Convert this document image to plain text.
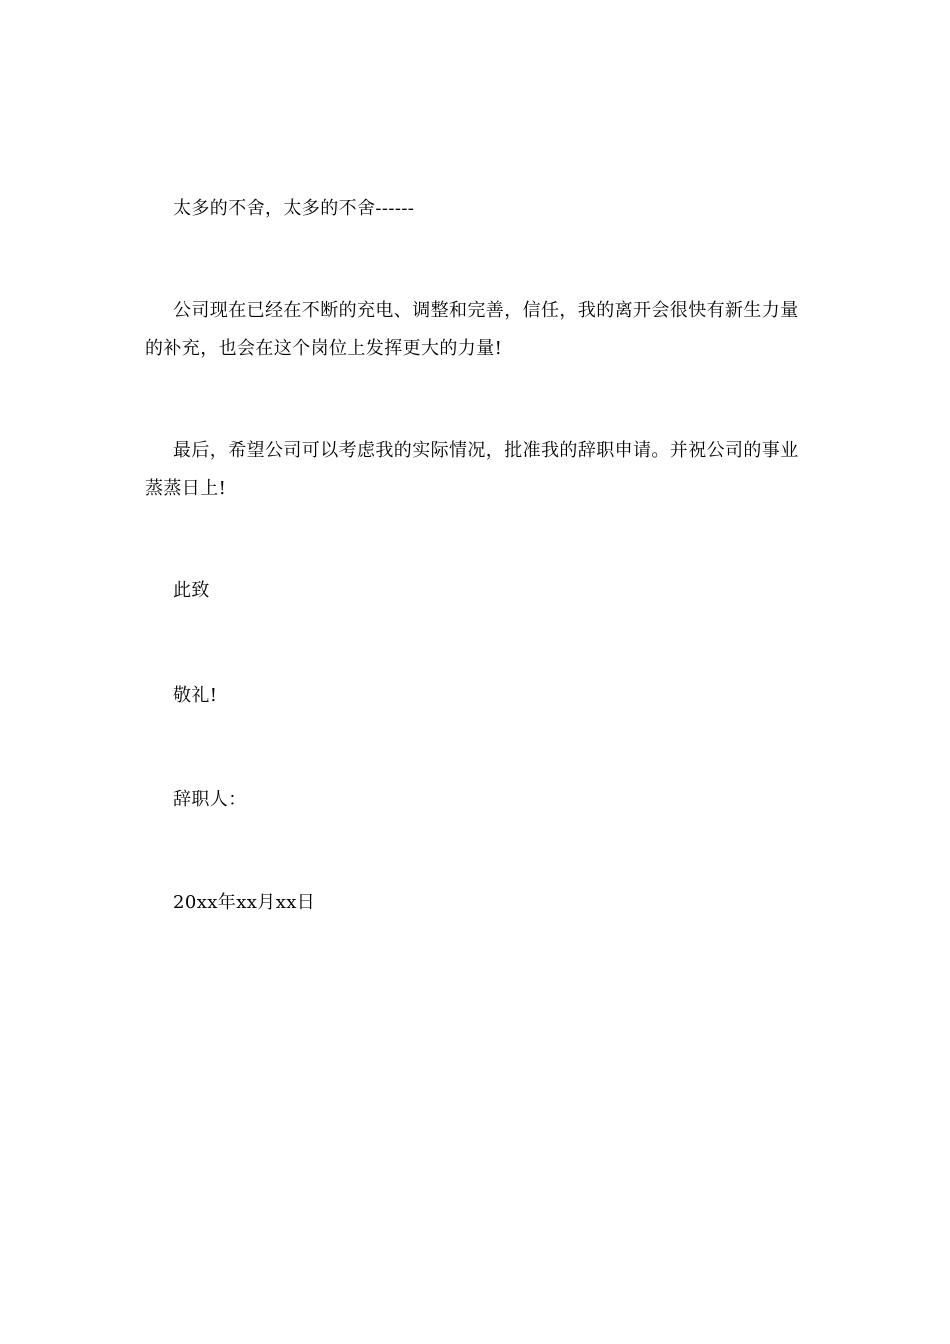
太多的不舍，太多的不舍------

公司现在已经在不断的充电、调整和完善，信任，我的离开会很快有新生力量的补充，也会在这个岗位上发挥更大的力量!

最后，希望公司可以考虑我的实际情况，批准我的辞职申请。并祝公司的事业蒸蒸日上!

此致

敬礼!

辞职人：

20xx年xx月xx日
